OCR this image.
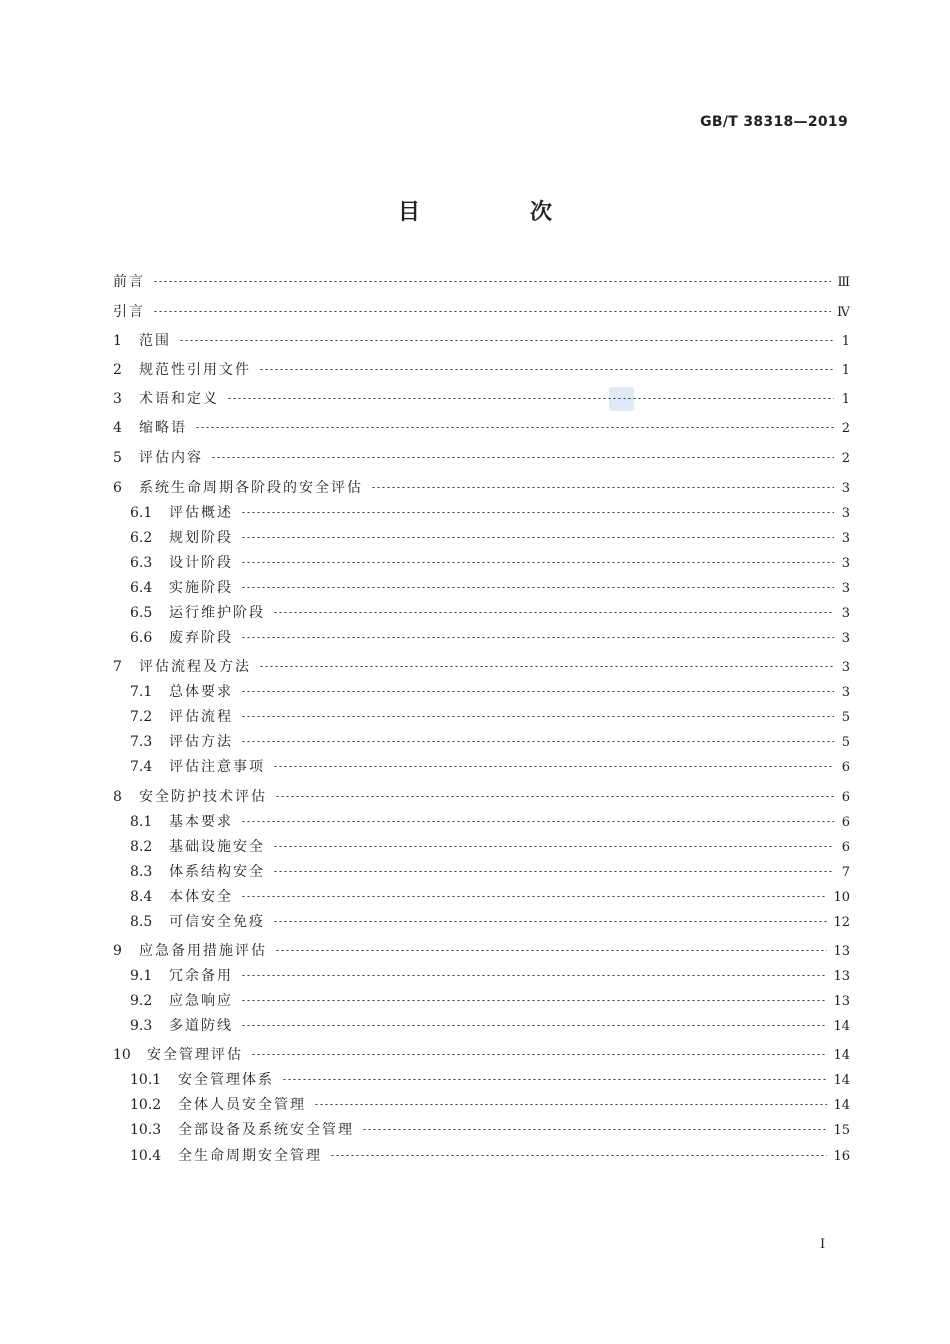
GB/T 38318—2019
目　次
前言	Ⅲ
引言	Ⅳ
1 范围	1
2 规范性引用文件	1
3 术语和定义	1
4 缩略语	2
5 评估内容	2
6 系统生命周期各阶段的安全评估	3
6.1 评估概述	3
6.2 规划阶段	3
6.3 设计阶段	3
6.4 实施阶段	3
6.5 运行维护阶段	3
6.6 废弃阶段	3
7 评估流程及方法	3
7.1 总体要求	3
7.2 评估流程	5
7.3 评估方法	5
7.4 评估注意事项	6
8 安全防护技术评估	6
8.1 基本要求	6
8.2 基础设施安全	6
8.3 体系结构安全	7
8.4 本体安全	10
8.5 可信安全免疫	12
9 应急备用措施评估	13
9.1 冗余备用	13
9.2 应急响应	13
9.3 多道防线	14
10 安全管理评估	14
10.1 安全管理体系	14
10.2 全体人员安全管理	14
10.3 全部设备及系统安全管理	15
10.4 全生命周期安全管理	16
I
